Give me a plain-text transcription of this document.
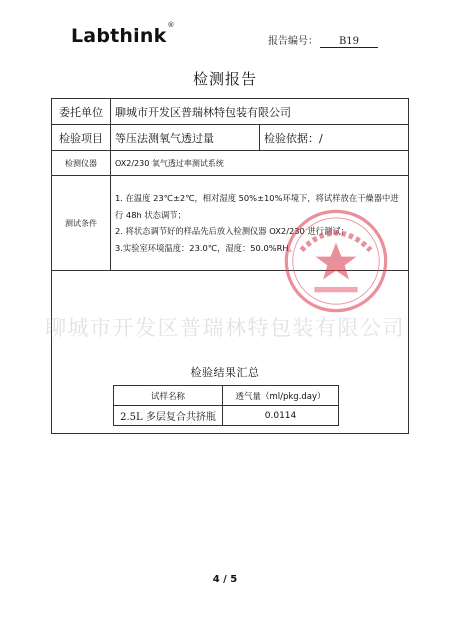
Labthink®
报告编号： B19
检测报告
委托单位	聊城市开发区普瑞林特包装有限公司	
检验项目	等压法测氧气透过量	检验依据：/
检测仪器	OX2/230 氧气透过率测试系统	
测试条件	1. 在温度 23℃±2℃，相对湿度 50%±10%环境下，将试样放在干燥器中进行 48h 状态调节；
2. 将状态调节好的样品先后放入检测仪器 OX2/230 进行测试；
3.实验室环境温度：23.0℃，湿度：50.0%RH。	

聊城市开发区普瑞林特包装有限公司
检验结果汇总
试样名称	透气量（ml/pkg.day）
2.5L 多层复合共挤瓶	0.0114
4 / 5
